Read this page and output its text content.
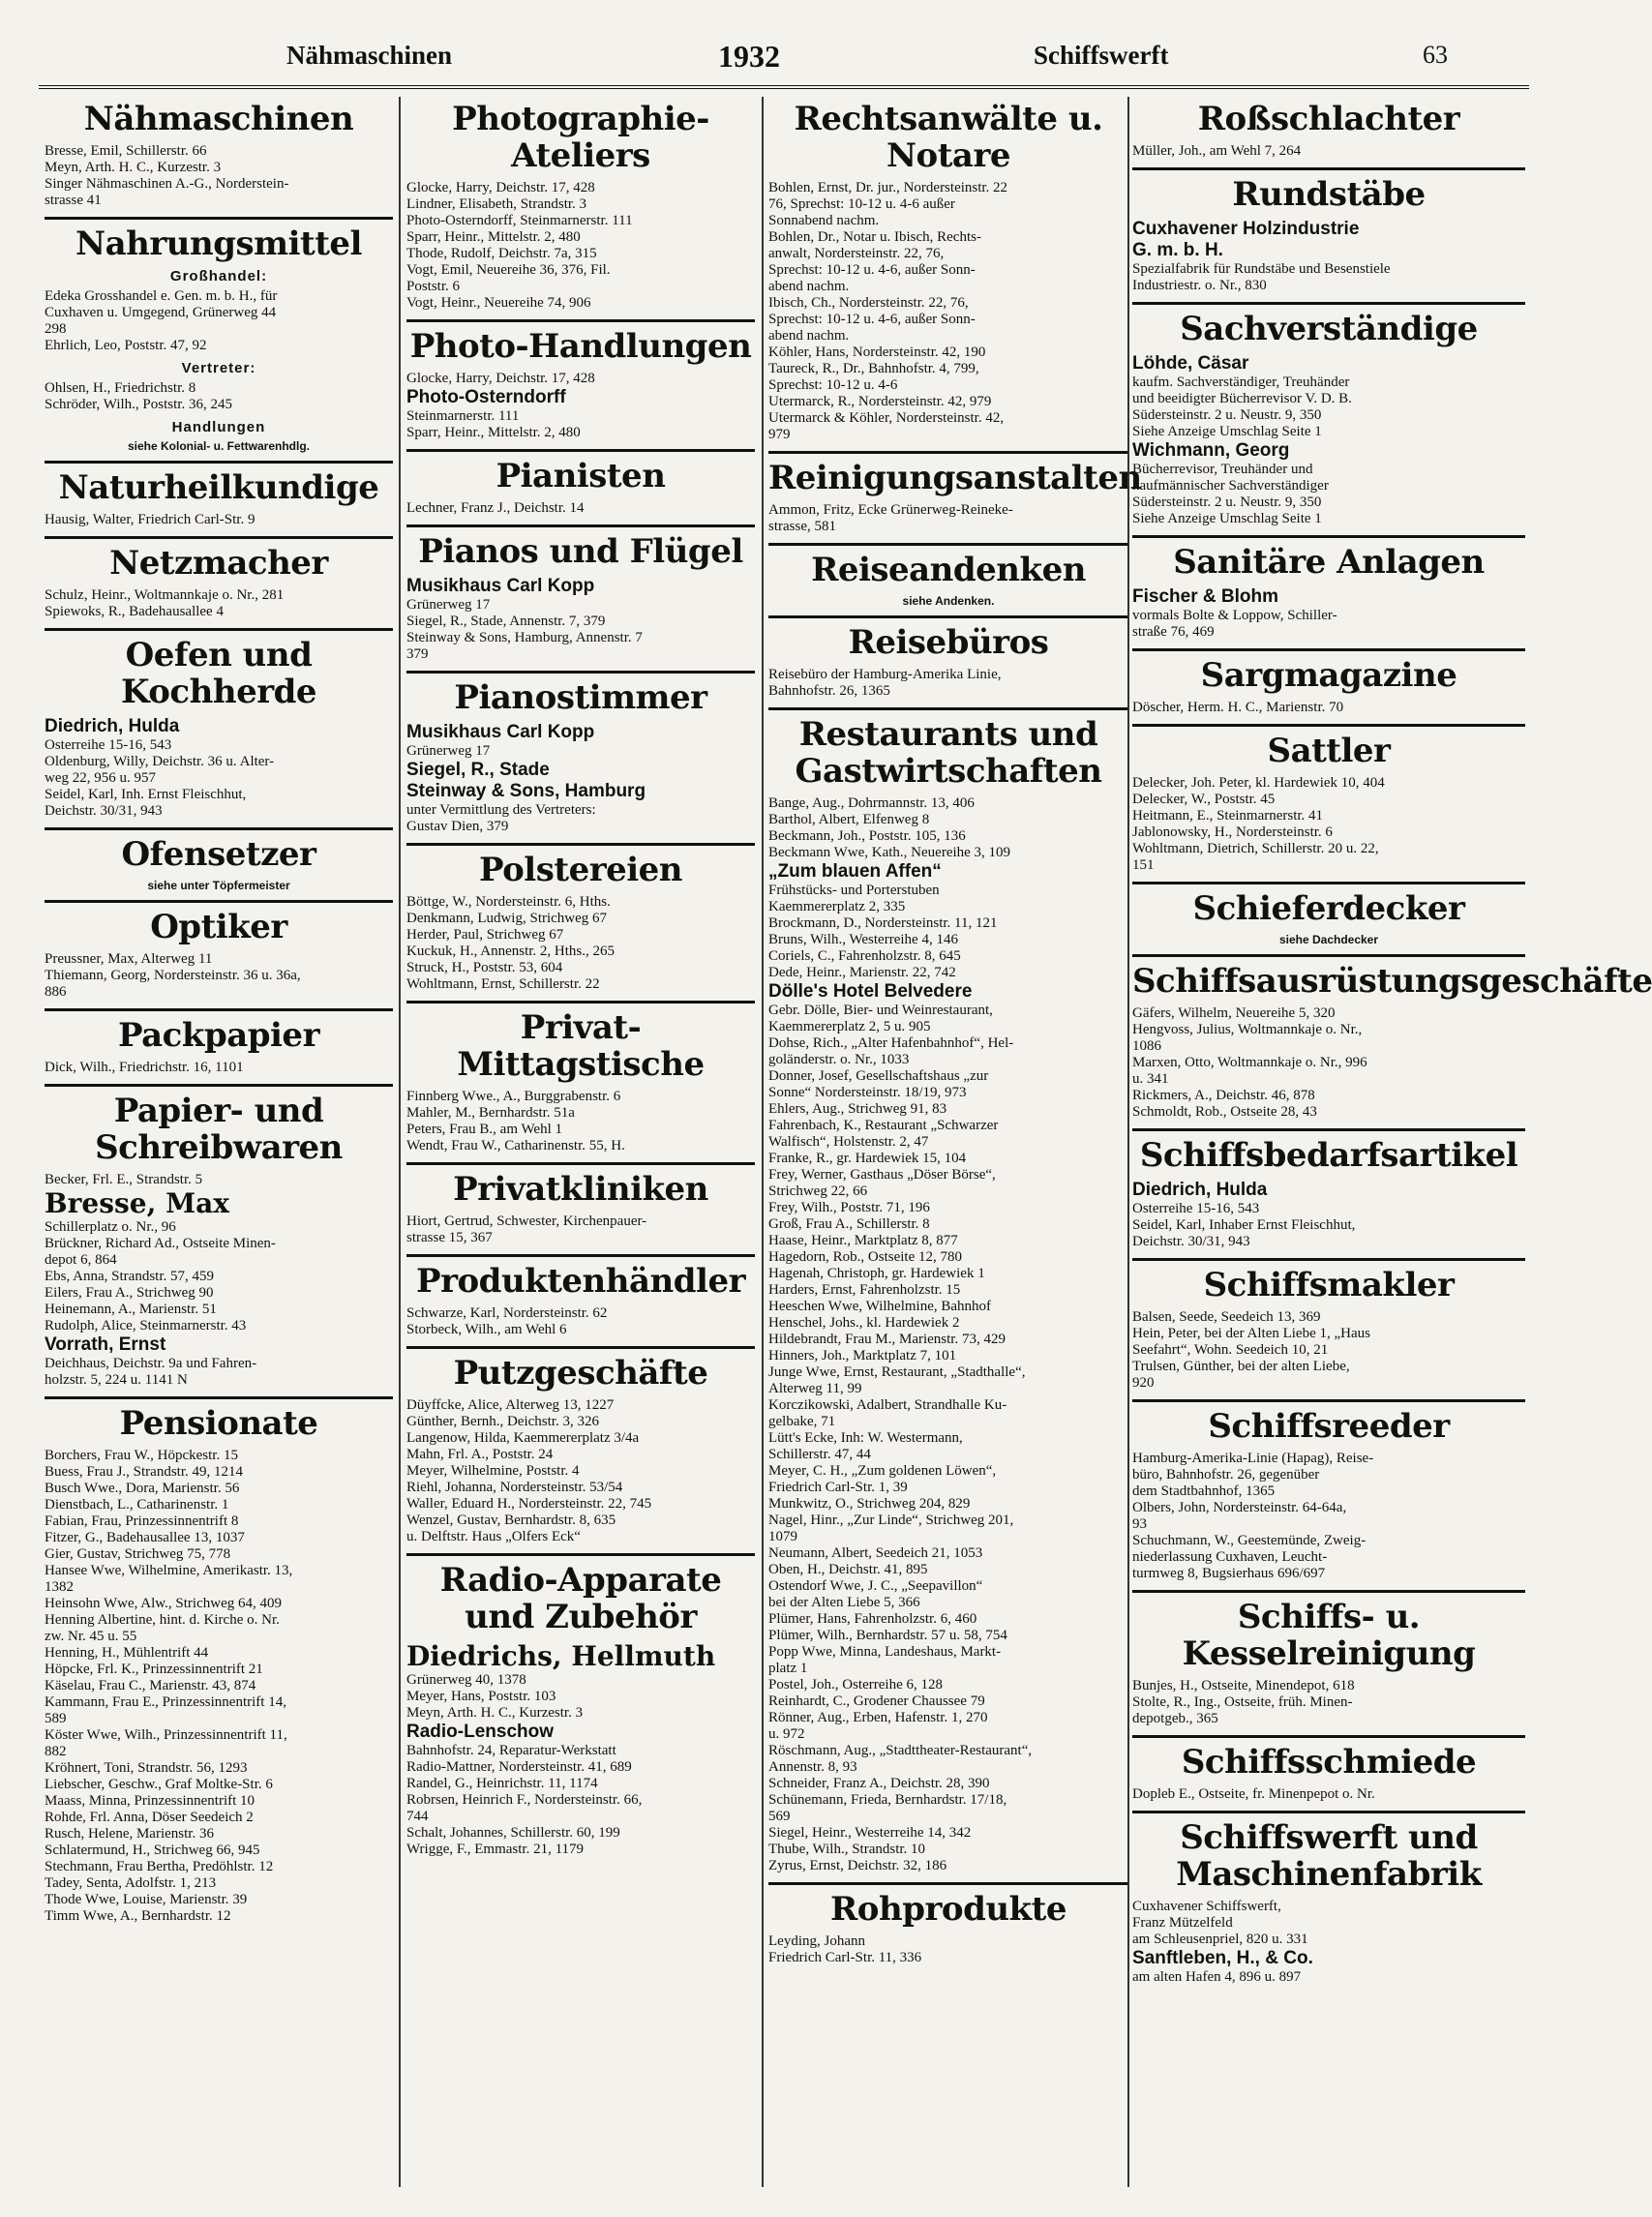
Nähmaschinen	1932	Schiffswerft	63
Nähmaschinen
Bresse, Emil, Schillerstr. 66
Meyn, Arth. H. C., Kurzestr. 3
Singer Nähmaschinen A.-G., Norderstein-
strasse 41
Nahrungsmittel
Großhandel:
Edeka Grosshandel e. Gen. m. b. H., für
Cuxhaven u. Umgegend, Grünerweg 44
298
Ehrlich, Leo, Poststr. 47, 92
Vertreter:
Ohlsen, H., Friedrichstr. 8
Schröder, Wilh., Poststr. 36, 245
Handlungen
siehe Kolonial- u. Fettwarenhdlg.
Naturheilkundige
Hausig, Walter, Friedrich Carl-Str. 9
Netzmacher
Schulz, Heinr., Woltmannkaje o. Nr., 281
Spiewoks, R., Badehausallee 4
Oefen und Kochherde
Diedrich, Hulda
Osterreihe 15-16, 543
Oldenburg, Willy, Deichstr. 36 u. Alter-
weg 22, 956 u. 957
Seidel, Karl, Inh. Ernst Fleischhut,
Deichstr. 30/31, 943
Ofensetzer
siehe unter Töpfermeister
Optiker
Preussner, Max, Alterweg 11
Thiemann, Georg, Nordersteinstr. 36 u. 36a,
886
Packpapier
Dick, Wilh., Friedrichstr. 16, 1101
Papier- und Schreibwaren
Becker, Frl. E., Strandstr. 5
Bresse, Max
Schillerplatz o. Nr., 96
Brückner, Richard Ad., Ostseite Minen-
depot 6, 864
Ebs, Anna, Strandstr. 57, 459
Eilers, Frau A., Strichweg 90
Heinemann, A., Marienstr. 51
Rudolph, Alice, Steinmarnerstr. 43
Vorrath, Ernst
Deichhaus, Deichstr. 9a und Fahren-
holzstr. 5, 224 u. 1141 N
Pensionate
Borchers, Frau W., Höpckestr. 15
Buess, Frau J., Strandstr. 49, 1214
Busch Wwe., Dora, Marienstr. 56
Dienstbach, L., Catharinenstr. 1
Fabian, Frau, Prinzessinnentrift 8
Fitzer, G., Badehausallee 13, 1037
Gier, Gustav, Strichweg 75, 778
Hansee Wwe, Wilhelmine, Amerikastr. 13,
1382
Heinsohn Wwe, Alw., Strichweg 64, 409
Henning Albertine, hint. d. Kirche o. Nr.
zw. Nr. 45 u. 55
Henning, H., Mühlentrift 44
Höpcke, Frl. K., Prinzessinnentrift 21
Käselau, Frau C., Marienstr. 43, 874
Kammann, Frau E., Prinzessinnentrift 14,
589
Köster Wwe, Wilh., Prinzessinnentrift 11,
882
Kröhnert, Toni, Strandstr. 56, 1293
Liebscher, Geschw., Graf Moltke-Str. 6
Maass, Minna, Prinzessinnentrift 10
Rohde, Frl. Anna, Döser Seedeich 2
Rusch, Helene, Marienstr. 36
Schlatermund, H., Strichweg 66, 945
Stechmann, Frau Bertha, Predöhlstr. 12
Tadey, Senta, Adolfstr. 1, 213
Thode Wwe, Louise, Marienstr. 39
Timm Wwe, A., Bernhardstr. 12
Photographie-Ateliers
Glocke, Harry, Deichstr. 17, 428
Lindner, Elisabeth, Strandstr. 3
Photo-Osterndorff, Steinmarnerstr. 111
Sparr, Heinr., Mittelstr. 2, 480
Thode, Rudolf, Deichstr. 7a, 315
Vogt, Emil, Neuereihe 36, 376, Fil.
Poststr. 6
Vogt, Heinr., Neuereihe 74, 906
Photo-Handlungen
Glocke, Harry, Deichstr. 17, 428
Photo-Osterndorff
Steinmarnerstr. 111
Sparr, Heinr., Mittelstr. 2, 480
Pianisten
Lechner, Franz J., Deichstr. 14
Pianos und Flügel
Musikhaus Carl Kopp
Grünerweg 17
Siegel, R., Stade, Annenstr. 7, 379
Steinway & Sons, Hamburg, Annenstr. 7
379
Pianostimmer
Musikhaus Carl Kopp
Grünerweg 17
Siegel, R., Stade
Steinway & Sons, Hamburg
unter Vermittlung des Vertreters:
Gustav Dien, 379
Polstereien
Böttge, W., Nordersteinstr. 6, Hths.
Denkmann, Ludwig, Strichweg 67
Herder, Paul, Strichweg 67
Kuckuk, H., Annenstr. 2, Hths., 265
Struck, H., Poststr. 53, 604
Wohltmann, Ernst, Schillerstr. 22
Privat-Mittagstische
Finnberg Wwe., A., Burggrabenstr. 6
Mahler, M., Bernhardstr. 51a
Peters, Frau B., am Wehl 1
Wendt, Frau W., Catharinenstr. 55, H.
Privatkliniken
Hiort, Gertrud, Schwester, Kirchenpauer-
strasse 15, 367
Produktenhändler
Schwarze, Karl, Nordersteinstr. 62
Storbeck, Wilh., am Wehl 6
Putzgeschäfte
Düyffcke, Alice, Alterweg 13, 1227
Günther, Bernh., Deichstr. 3, 326
Langenow, Hilda, Kaemmererplatz 3/4a
Mahn, Frl. A., Poststr. 24
Meyer, Wilhelmine, Poststr. 4
Riehl, Johanna, Nordersteinstr. 53/54
Waller, Eduard H., Nordersteinstr. 22, 745
Wenzel, Gustav, Bernhardstr. 8, 635
u. Delftstr. Haus „Olfers Eck“
Radio-Apparate und Zubehör
Diedrichs, Hellmuth
Grünerweg 40, 1378
Meyer, Hans, Poststr. 103
Meyn, Arth. H. C., Kurzestr. 3
Radio-Lenschow
Bahnhofstr. 24, Reparatur-Werkstatt
Radio-Mattner, Nordersteinstr. 41, 689
Randel, G., Heinrichstr. 11, 1174
Robrsen, Heinrich F., Nordersteinstr. 66,
744
Schalt, Johannes, Schillerstr. 60, 199
Wrigge, F., Emmastr. 21, 1179
Rechtsanwälte u. Notare
Bohlen, Ernst, Dr. jur., Nordersteinstr. 22
76, Sprechst: 10-12 u. 4-6 außer
Sonnabend nachm.
Bohlen, Dr., Notar u. Ibisch, Rechts-
anwalt, Nordersteinstr. 22, 76,
Sprechst: 10-12 u. 4-6, außer Sonn-
abend nachm.
Ibisch, Ch., Nordersteinstr. 22, 76,
Sprechst: 10-12 u. 4-6, außer Sonn-
abend nachm.
Köhler, Hans, Nordersteinstr. 42, 190
Taureck, R., Dr., Bahnhofstr. 4, 799,
Sprechst: 10-12 u. 4-6
Utermarck, R., Nordersteinstr. 42, 979
Utermarck & Köhler, Nordersteinstr. 42,
979
Reinigungsanstalten
Ammon, Fritz, Ecke Grünerweg-Reineke-
strasse, 581
Reiseandenken
siehe Andenken.
Reisebüros
Reisebüro der Hamburg-Amerika Linie,
Bahnhofstr. 26, 1365
Restaurants und Gastwirtschaften
Bange, Aug., Dohrmannstr. 13, 406
Barthol, Albert, Elfenweg 8
Beckmann, Joh., Poststr. 105, 136
Beckmann Wwe, Kath., Neuereihe 3, 109
„Zum blauen Affen“
Frühstücks- und Porterstuben
Kaemmererplatz 2, 335
Brockmann, D., Nordersteinstr. 11, 121
Bruns, Wilh., Westerreihe 4, 146
Coriels, C., Fahrenholzstr. 8, 645
Dede, Heinr., Marienstr. 22, 742
Dölle's Hotel Belvedere
Gebr. Dölle, Bier- und Weinrestaurant,
Kaemmererplatz 2, 5 u. 905
Dohse, Rich., „Alter Hafenbahnhof“, Hel-
goländerstr. o. Nr., 1033
Donner, Josef, Gesellschaftshaus „zur
Sonne“ Nordersteinstr. 18/19, 973
Ehlers, Aug., Strichweg 91, 83
Fahrenbach, K., Restaurant „Schwarzer
Walfisch“, Holstenstr. 2, 47
Franke, R., gr. Hardewiek 15, 104
Frey, Werner, Gasthaus „Döser Börse“,
Strichweg 22, 66
Frey, Wilh., Poststr. 71, 196
Groß, Frau A., Schillerstr. 8
Haase, Heinr., Marktplatz 8, 877
Hagedorn, Rob., Ostseite 12, 780
Hagenah, Christoph, gr. Hardewiek 1
Harders, Ernst, Fahrenholzstr. 15
Heeschen Wwe, Wilhelmine, Bahnhof
Henschel, Johs., kl. Hardewiek 2
Hildebrandt, Frau M., Marienstr. 73, 429
Hinners, Joh., Marktplatz 7, 101
Junge Wwe, Ernst, Restaurant, „Stadthalle“,
Alterweg 11, 99
Korczikowski, Adalbert, Strandhalle Ku-
gelbake, 71
Lütt's Ecke, Inh: W. Westermann,
Schillerstr. 47, 44
Meyer, C. H., „Zum goldenen Löwen“,
Friedrich Carl-Str. 1, 39
Munkwitz, O., Strichweg 204, 829
Nagel, Hinr., „Zur Linde“, Strichweg 201,
1079
Neumann, Albert, Seedeich 21, 1053
Oben, H., Deichstr. 41, 895
Ostendorf Wwe, J. C., „Seepavillon“
bei der Alten Liebe 5, 366
Plümer, Hans, Fahrenholzstr. 6, 460
Plümer, Wilh., Bernhardstr. 57 u. 58, 754
Popp Wwe, Minna, Landeshaus, Markt-
platz 1
Postel, Joh., Osterreihe 6, 128
Reinhardt, C., Grodener Chaussee 79
Rönner, Aug., Erben, Hafenstr. 1, 270
u. 972
Röschmann, Aug., „Stadttheater-Restaurant“,
Annenstr. 8, 93
Schneider, Franz A., Deichstr. 28, 390
Schünemann, Frieda, Bernhardstr. 17/18,
569
Siegel, Heinr., Westerreihe 14, 342
Thube, Wilh., Strandstr. 10
Zyrus, Ernst, Deichstr. 32, 186
Rohprodukte
Leyding, Johann
Friedrich Carl-Str. 11, 336
Roßschlachter
Müller, Joh., am Wehl 7, 264
Rundstäbe
Cuxhavener Holzindustrie
G. m. b. H.
Spezialfabrik für Rundstäbe und Besenstiele
Industriestr. o. Nr., 830
Sachverständige
Löhde, Cäsar
kaufm. Sachverständiger, Treuhänder
und beeidigter Bücherrevisor V. D. B.
Südersteinstr. 2 u. Neustr. 9, 350
Siehe Anzeige Umschlag Seite 1
Wichmann, Georg
Bücherrevisor, Treuhänder und
kaufmännischer Sachverständiger
Südersteinstr. 2 u. Neustr. 9, 350
Siehe Anzeige Umschlag Seite 1
Sanitäre Anlagen
Fischer & Blohm
vormals Bolte & Loppow, Schiller-
straße 76, 469
Sargmagazine
Döscher, Herm. H. C., Marienstr. 70
Sattler
Delecker, Joh. Peter, kl. Hardewiek 10, 404
Delecker, W., Poststr. 45
Heitmann, E., Steinmarnerstr. 41
Jablonowsky, H., Nordersteinstr. 6
Wohltmann, Dietrich, Schillerstr. 20 u. 22,
151
Schieferdecker
siehe Dachdecker
Schiffsausrüstungsgeschäfte
Gäfers, Wilhelm, Neuereihe 5, 320
Hengvoss, Julius, Woltmannkaje o. Nr.,
1086
Marxen, Otto, Woltmannkaje o. Nr., 996
u. 341
Rickmers, A., Deichstr. 46, 878
Schmoldt, Rob., Ostseite 28, 43
Schiffsbedarfsartikel
Diedrich, Hulda
Osterreihe 15-16, 543
Seidel, Karl, Inhaber Ernst Fleischhut,
Deichstr. 30/31, 943
Schiffsmakler
Balsen, Seede, Seedeich 13, 369
Hein, Peter, bei der Alten Liebe 1, „Haus
Seefahrt“, Wohn. Seedeich 10, 21
Trulsen, Günther, bei der alten Liebe,
920
Schiffsreeder
Hamburg-Amerika-Linie (Hapag), Reise-
büro, Bahnhofstr. 26, gegenüber
dem Stadtbahnhof, 1365
Olbers, John, Nordersteinstr. 64-64a,
93
Schuchmann, W., Geestemünde, Zweig-
niederlassung Cuxhaven, Leucht-
turmweg 8, Bugsierhaus 696/697
Schiffs- u. Kesselreinigung
Bunjes, H., Ostseite, Minendepot, 618
Stolte, R., Ing., Ostseite, früh. Minen-
depotgeb., 365
Schiffsschmiede
Dopleb E., Ostseite, fr. Minenpepot o. Nr.
Schiffswerft und Maschinenfabrik
Cuxhavener Schiffswerft,
Franz Mützelfeld
am Schleusenpriel, 820 u. 331
Sanftleben, H., & Co.
am alten Hafen 4, 896 u. 897
